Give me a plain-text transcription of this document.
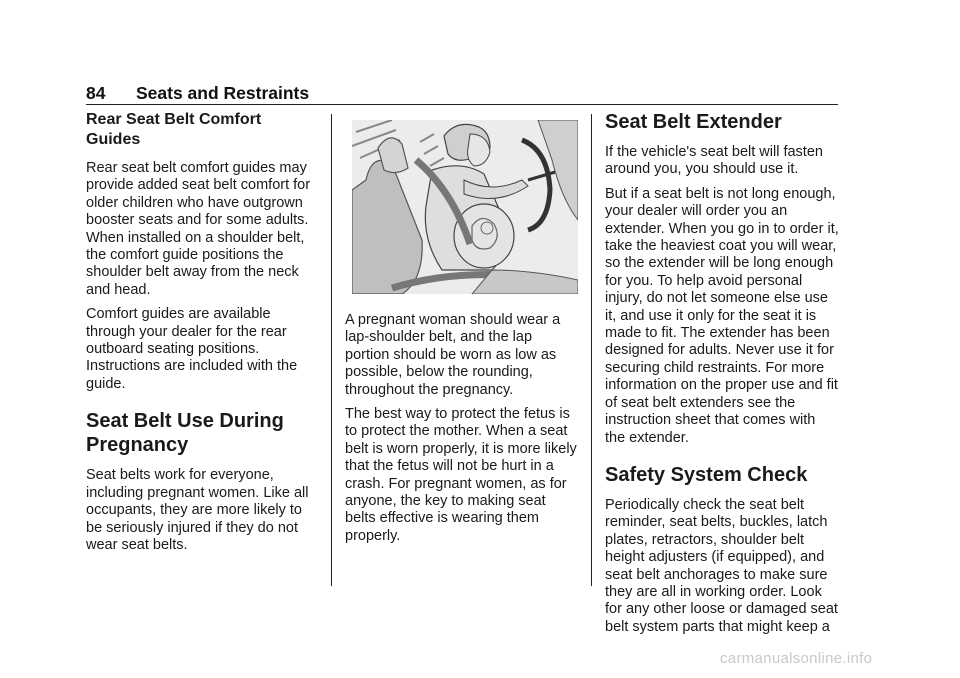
84 Seats and Restraints
Rear Seat Belt Comfort Guides

Rear seat belt comfort guides may
provide added seat belt comfort for
older children who have outgrown
booster seats and for some adults.
When installed on a shoulder belt,
the comfort guide positions the
shoulder belt away from the neck
and head.

Comfort guides are available
through your dealer for the rear
outboard seating positions.
Instructions are included with the
guide.

Seat Belt Use During
Pregnancy

Seat belts work for everyone,
including pregnant women. Like all
occupants, they are more likely to
be seriously injured if they do not
wear seat belts.

A pregnant woman should wear a
lap-shoulder belt, and the lap
portion should be worn as low as
possible, below the rounding,
throughout the pregnancy.

The best way to protect the fetus is
to protect the mother. When a seat
belt is worn properly, it is more likely
that the fetus will not be hurt in a
crash. For pregnant women, as for
anyone, the key to making seat
belts effective is wearing them
properly.

Seat Belt Extender

If the vehicle's seat belt will fasten
around you, you should use it.

But if a seat belt is not long enough,
your dealer will order you an
extender. When you go in to order it,
take the heaviest coat you will wear,
so the extender will be long enough
for you. To help avoid personal
injury, do not let someone else use
it, and use it only for the seat it is
made to fit. The extender has been
designed for adults. Never use it for
securing child restraints. For more
information on the proper use and fit
of seat belt extenders see the
instruction sheet that comes with
the extender.

Safety System Check

Periodically check the seat belt
reminder, seat belts, buckles, latch
plates, retractors, shoulder belt
height adjusters (if equipped), and
seat belt anchorages to make sure
they are all in working order. Look
for any other loose or damaged seat
belt system parts that might keep a

carmanualsonline.info
